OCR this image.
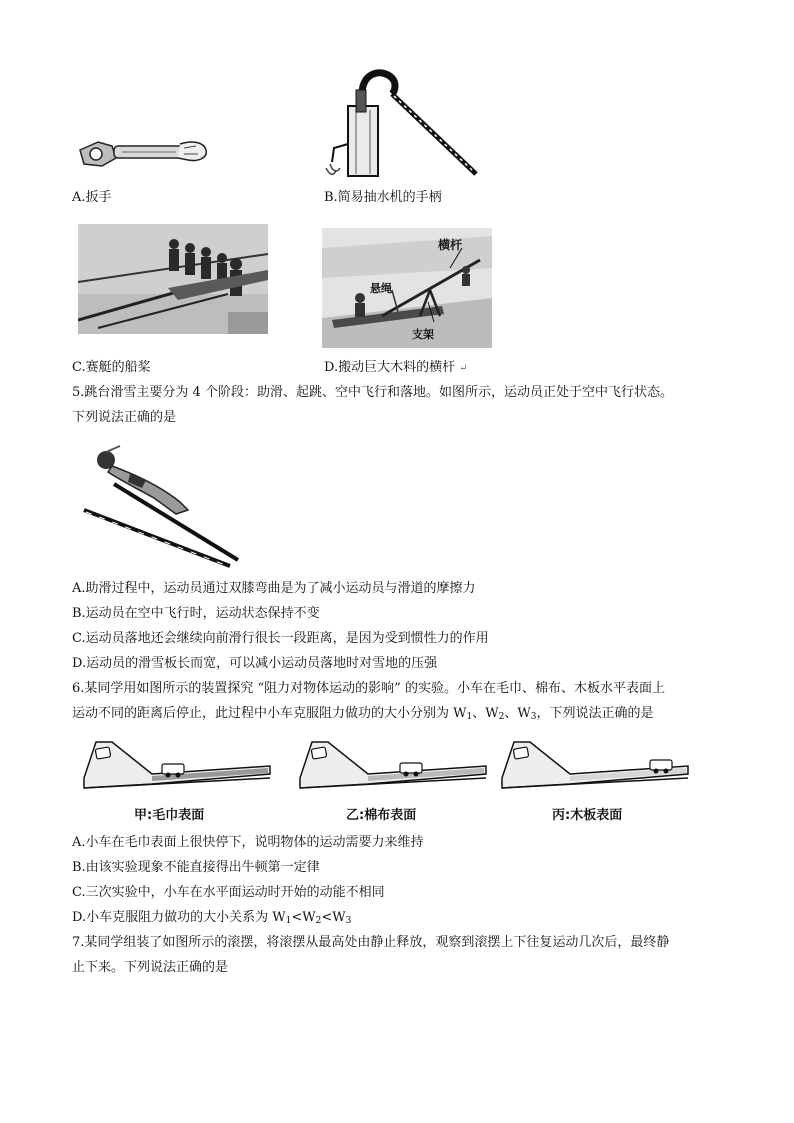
A.扳手	B.简易抽水机的手柄
C.赛艇的船桨
横杆
支架
悬绳
D.搬动巨大木料的横杆 ↵
5.跳台滑雪主要分为 4 个阶段：助滑、起跳、空中飞行和落地。如图所示，运动员正处于空中飞行状态。
下列说法正确的是
A.助滑过程中，运动员通过双膝弯曲是为了减小运动员与滑道的摩擦力
B.运动员在空中飞行时，运动状态保持不变
C.运动员落地还会继续向前滑行很长一段距离，是因为受到惯性力的作用
D.运动员的滑雪板长而宽，可以减小运动员落地时对雪地的压强
6.某同学用如图所示的装置探究 “阻力对物体运动的影响” 的实验。小车在毛巾、棉布、木板水平表面上
运动不同的距离后停止，此过程中小车克服阻力做功的大小分别为 $W_1$、$W_2$、$W_3$，下列说法正确的是
甲:毛巾表面	乙:棉布表面	丙:木板表面
A.小车在毛巾表面上很快停下，说明物体的运动需要力来维持
B.由该实验现象不能直接得出牛顿第一定律
C.三次实验中，小车在水平面运动时开始的动能不相同
D.小车克服阻力做功的大小关系为 $W_1<W_2<W_3$
7.某同学组装了如图所示的滚摆，将滚摆从最高处由静止释放，观察到滚摆上下往复运动几次后，最终静
止下来。下列说法正确的是
